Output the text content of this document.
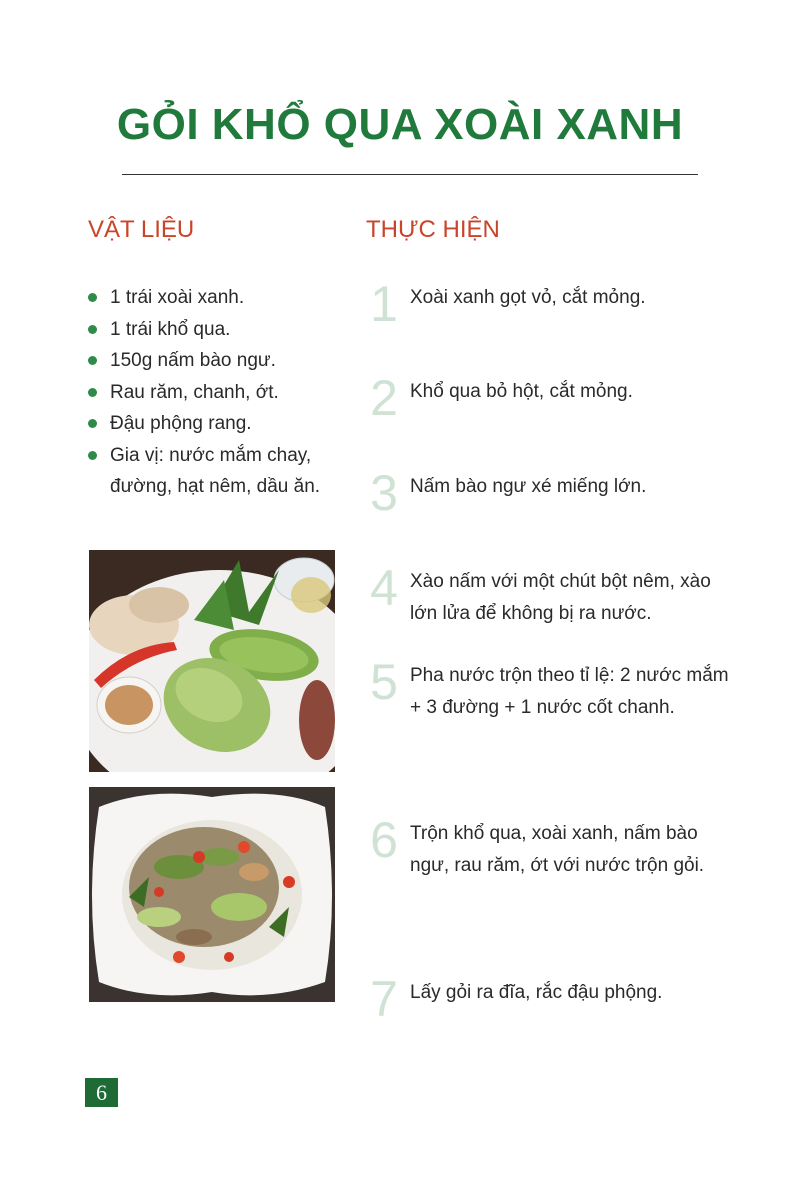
GỎI KHỔ QUA XOÀI XANH
VẬT LIỆU	THỰC HIỆN
1 trái xoài xanh.
1 trái khổ qua.
150g nấm bào ngư.
Rau răm, chanh, ớt.
Đậu phộng rang.
Gia vị: nước mắm chay, đường, hạt nêm, dầu ăn.
1 Xoài xanh gọt vỏ, cắt mỏng.
2 Khổ qua bỏ hột, cắt mỏng.
3 Nấm bào ngư xé miếng lớn.
4 Xào nấm với một chút bột nêm, xào lớn lửa để không bị ra nước.
5 Pha nước trộn theo tỉ lệ: 2 nước mắm + 3 đường + 1 nước cốt chanh.
6 Trộn khổ qua, xoài xanh, nấm bào ngư, rau răm, ớt với nước trộn gỏi.
7 Lấy gỏi ra đĩa, rắc đậu phộng.
6
